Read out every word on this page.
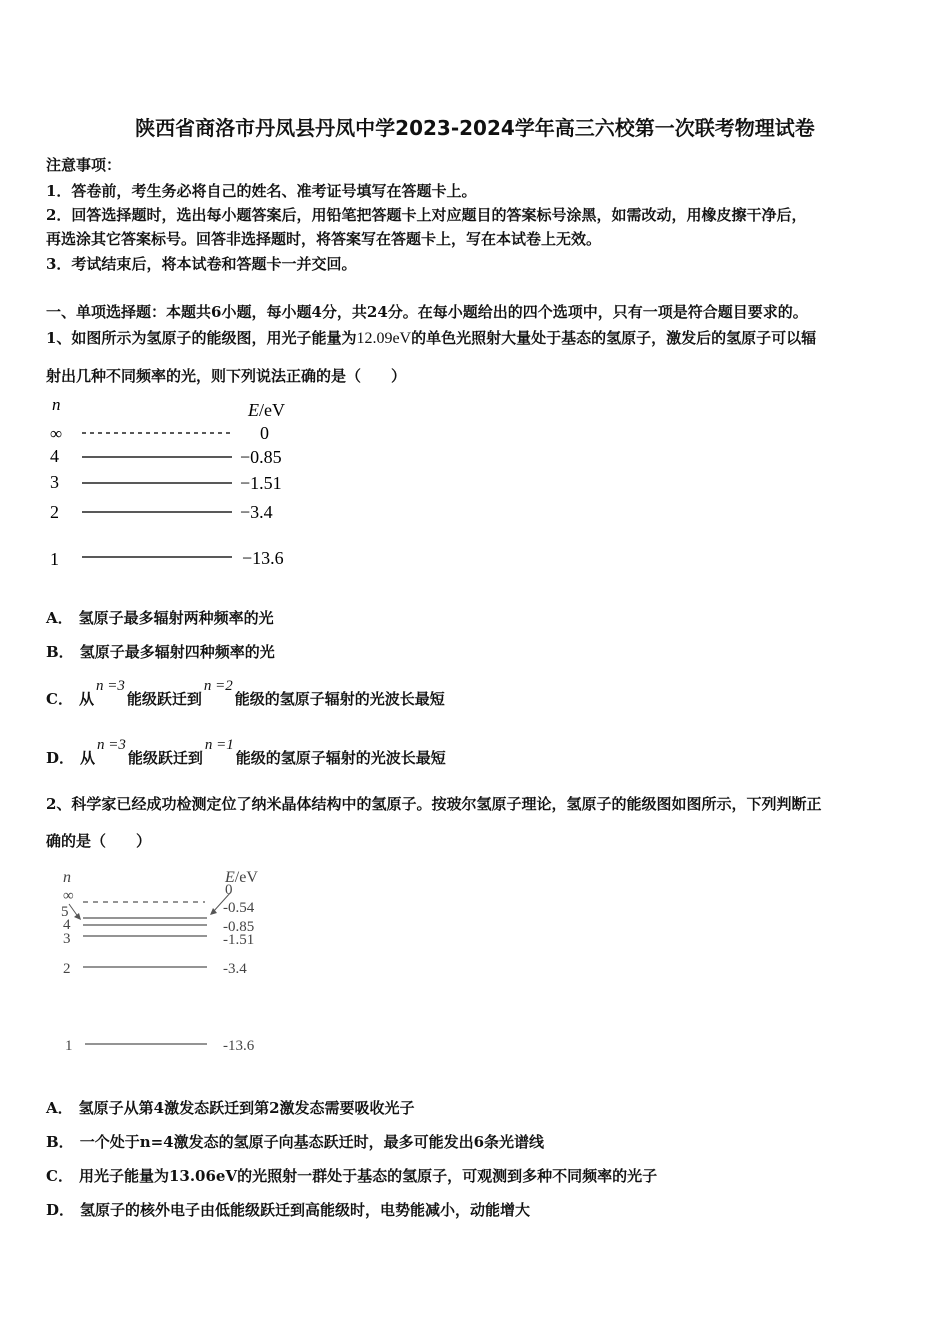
陕西省商洛市丹凤县丹凤中学2023-2024学年高三六校第一次联考物理试卷
注意事项：
1．答卷前，考生务必将自己的姓名、准考证号填写在答题卡上。
2．回答选择题时，选出每小题答案后，用铅笔把答题卡上对应题目的答案标号涂黑，如需改动，用橡皮擦干净后，
再选涂其它答案标号。回答非选择题时，将答案写在答题卡上，写在本试卷上无效。
3．考试结束后，将本试卷和答题卡一并交回。
一、单项选择题：本题共6小题，每小题4分，共24分。在每小题给出的四个选项中，只有一项是符合题目要求的。
1、如图所示为氢原子的能级图，用光子能量为12.09eV的单色光照射大量处于基态的氢原子，激发后的氢原子可以辐
射出几种不同频率的光，则下列说法正确的是（　　）
n	E/eV
∞	0
4	−0.85
3	−1.51
2	−3.4
1	−13.6
A． 氢原子最多辐射两种频率的光
B． 氢原子最多辐射四种频率的光
C． 从n =3能级跃迁到n =2能级的氢原子辐射的光波长最短
D． 从n =3能级跃迁到n =1能级的氢原子辐射的光波长最短
2、科学家已经成功检测定位了纳米晶体结构中的氢原子。按玻尔氢原子理论，氢原子的能级图如图所示，下列判断正
确的是（　　）
n	E/eV
∞	0
5	-0.54
4	-0.85
3	-1.51
2	-3.4
1	-13.6
A． 氢原子从第4激发态跃迁到第2激发态需要吸收光子
B． 一个处于n=4激发态的氢原子向基态跃迁时，最多可能发出6条光谱线
C． 用光子能量为13.06eV的光照射一群处于基态的氢原子，可观测到多种不同频率的光子
D． 氢原子的核外电子由低能级跃迁到高能级时，电势能减小，动能增大
